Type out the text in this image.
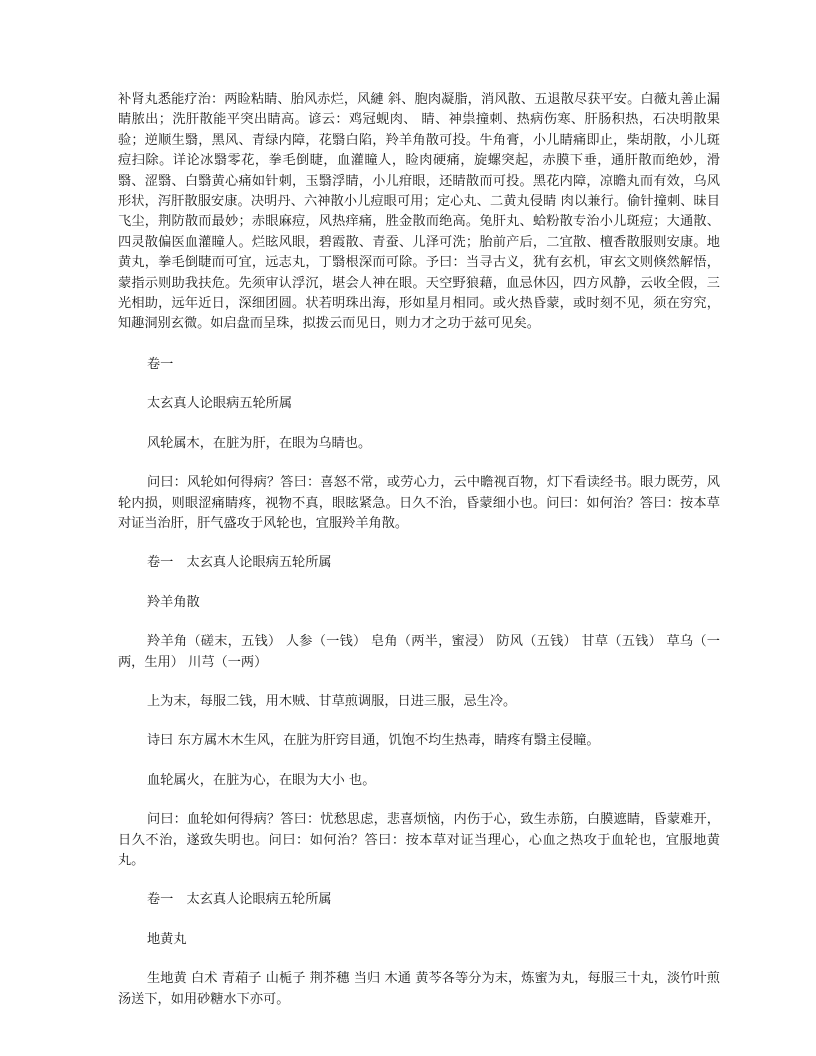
补肾丸悉能疗治：两睑粘睛、胎风赤烂，风縺 斜、胞肉凝脂，消风散、五退散尽获平安。白薇丸善止漏睛脓出；洗肝散能平突出睛高。谚云：鸡冠蚬肉、 睛、神祟撞刺、热病伤寒、肝肠积热，石决明散果验；逆顺生翳，黑风、青绿内障，花翳白陷，羚羊角散可投。牛角膏，小儿睛痛即止，柴胡散，小儿斑痘扫除。详论冰翳零花，拳毛倒睫，血灌瞳人，睑肉硬痛，旋螺突起，赤膜下垂，通肝散而绝妙，滑翳、涩翳、白翳黄心痛如针刺，玉翳浮睛，小儿疳眼，还睛散而可投。黑花内障，凉瞻丸而有效，乌风形状，泻肝散服安康。决明丹、六神散小儿痘眼可用；定心丸、二黄丸侵睛 肉以兼行。偷针撞刺、昧目飞尘，荆防散而最妙；赤眼麻痘，风热痒痛，胜金散而绝高。兔肝丸、蛤粉散专治小儿斑痘；大通散、四灵散偏医血灌瞳人。烂眩风眼，碧霞散、青蚕、儿泽可洗；胎前产后，二宜散、檀香散服则安康。地黄丸，拳毛倒睫而可宜，远志丸，丁翳根深而可除。予曰：当寻古义，犹有玄机，审玄文则倏然解悟，蒙指示则助我扶危。先须审认浮沉，堪会人神在眼。天空野狼藉，血忌休囚，四方风静，云收全假，三光相助，远年近日，深细团圆。状若明珠出海，形如星月相同。或火热昏蒙，或时刻不见，须在穷究，知趣洞别玄微。如启盘而呈珠，拟拨云而见日，则力才之功于兹可见矣。

卷一

太玄真人论眼病五轮所属

风轮属木，在脏为肝，在眼为乌睛也。

问曰：风轮如何得病？答曰：喜怒不常，或劳心力，云中瞻视百物，灯下看读经书。眼力既劳，风轮内损，则眼涩痛睛疼，视物不真，眼眩紧急。日久不治，昏蒙细小也。问曰：如何治？答曰：按本草对证当治肝，肝气盛攻于风轮也，宜服羚羊角散。

卷一　太玄真人论眼病五轮所属

羚羊角散

羚羊角（磋末，五钱） 人参（一钱） 皂角（两半，蜜浸） 防风（五钱） 甘草（五钱） 草乌（一两，生用） 川芎（一两）

上为末，每服二钱，用木贼、甘草煎调服，日进三服，忌生冷。

诗曰 东方属木木生风，在脏为肝窍目通，饥饱不均生热毒，睛疼有翳主侵瞳。

血轮属火，在脏为心，在眼为大小 也。

问曰：血轮如何得病？答曰：忧愁思虑，悲喜烦恼，内伤于心，致生赤筋，白膜遮睛，昏蒙难开，日久不治，遂致失明也。问曰：如何治？答曰：按本草对证当理心，心血之热攻于血轮也，宜服地黄丸。

卷一　太玄真人论眼病五轮所属

地黄丸

生地黄 白术 青葙子 山栀子 荆芥穗 当归 木通 黄芩各等分为末，炼蜜为丸，每服三十丸，淡竹叶煎汤送下，如用砂糖水下亦可。
